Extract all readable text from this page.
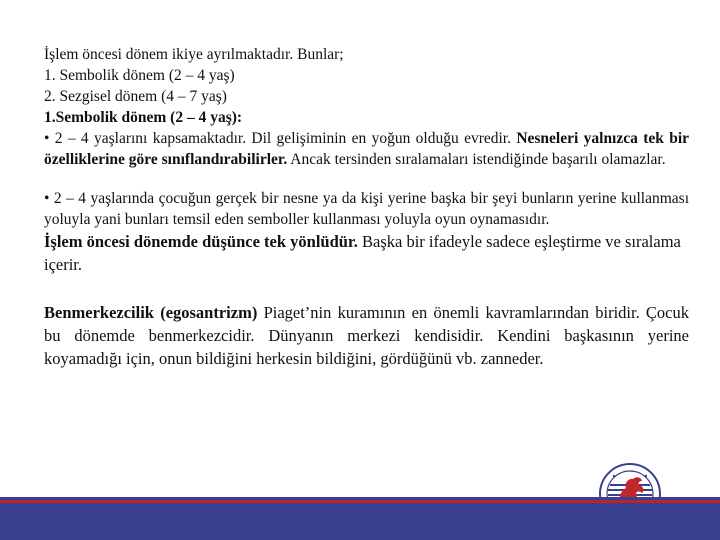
İşlem öncesi dönem ikiye ayrılmaktadır. Bunlar;

1. Sembolik dönem (2 – 4 yaş)

2. Sezgisel dönem (4 – 7 yaş)

1.Sembolik dönem (2 – 4 yaş):

• 2 – 4 yaşlarını kapsamaktadır. Dil gelişiminin en yoğun olduğu evredir. Nesneleri yalnızca tek bir özelliklerine göre sınıflandırabilirler. Ancak tersinden sıralamaları istendiğinde başarılı olamazlar.

• 2 – 4 yaşlarında çocuğun gerçek bir nesne ya da kişi yerine başka bir şeyi bunların yerine kullanması yoluyla yani bunları temsil eden semboller kullanması yoluyla oyun oynamasıdır.

İşlem öncesi dönemde düşünce tek yönlüdür. Başka bir ifadeyle sadece eşleştirme ve sıralama içerir.

Benmerkezcilik (egosantrizm) Piaget’nin kuramının en önemli kavramlarından biridir. Çocuk bu dönemde benmerkezcidir. Dünyanın merkezi kendisidir. Kendini başkasının yerine koyamadığı için, onun bildiğini herkesin bildiğini, gördüğünü vb. zanneder.
